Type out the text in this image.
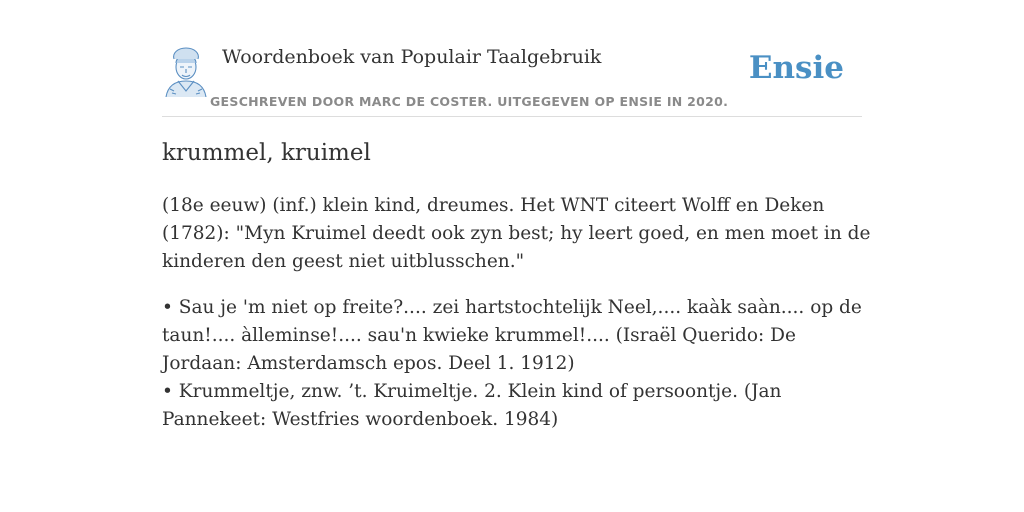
Woordenboek van Populair Taalgebruik	Ensie
GESCHREVEN DOOR MARC DE COSTER. UITGEGEVEN OP ENSIE IN 2020.
krummel, kruimel

(18e eeuw) (inf.) klein kind, dreumes. Het WNT citeert Wolff en Deken (1782): "Myn Kruimel deedt ook zyn best; hy leert goed, en men moet in de kinderen den geest niet uitblusschen."

• Sau je 'm niet op freite?.... zei hartstochtelijk Neel,.... kaàk saàn.... op de taun!.... àlleminse!.... sau'n kwieke krummel!.... (Israël Querido: De Jordaan: Amsterdamsch epos. Deel 1. 1912)
• Krummeltje, znw. ’t. Kruimeltje. 2. Klein kind of persoontje. (Jan Pannekeet: Westfries woordenboek. 1984)
